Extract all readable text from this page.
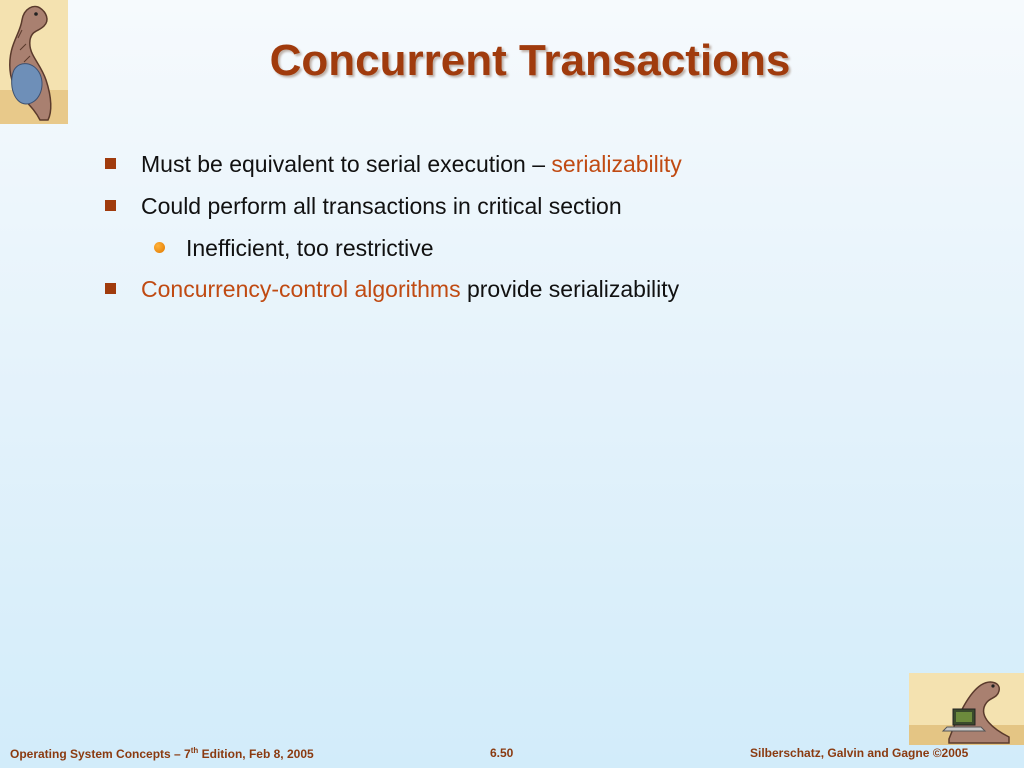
Concurrent Transactions
Must be equivalent to serial execution – serializability
Could perform all transactions in critical section
Inefficient, too restrictive
Concurrency-control algorithms provide serializability
Operating System Concepts – 7th Edition, Feb 8, 2005	6.50	Silberschatz, Galvin and Gagne ©2005
